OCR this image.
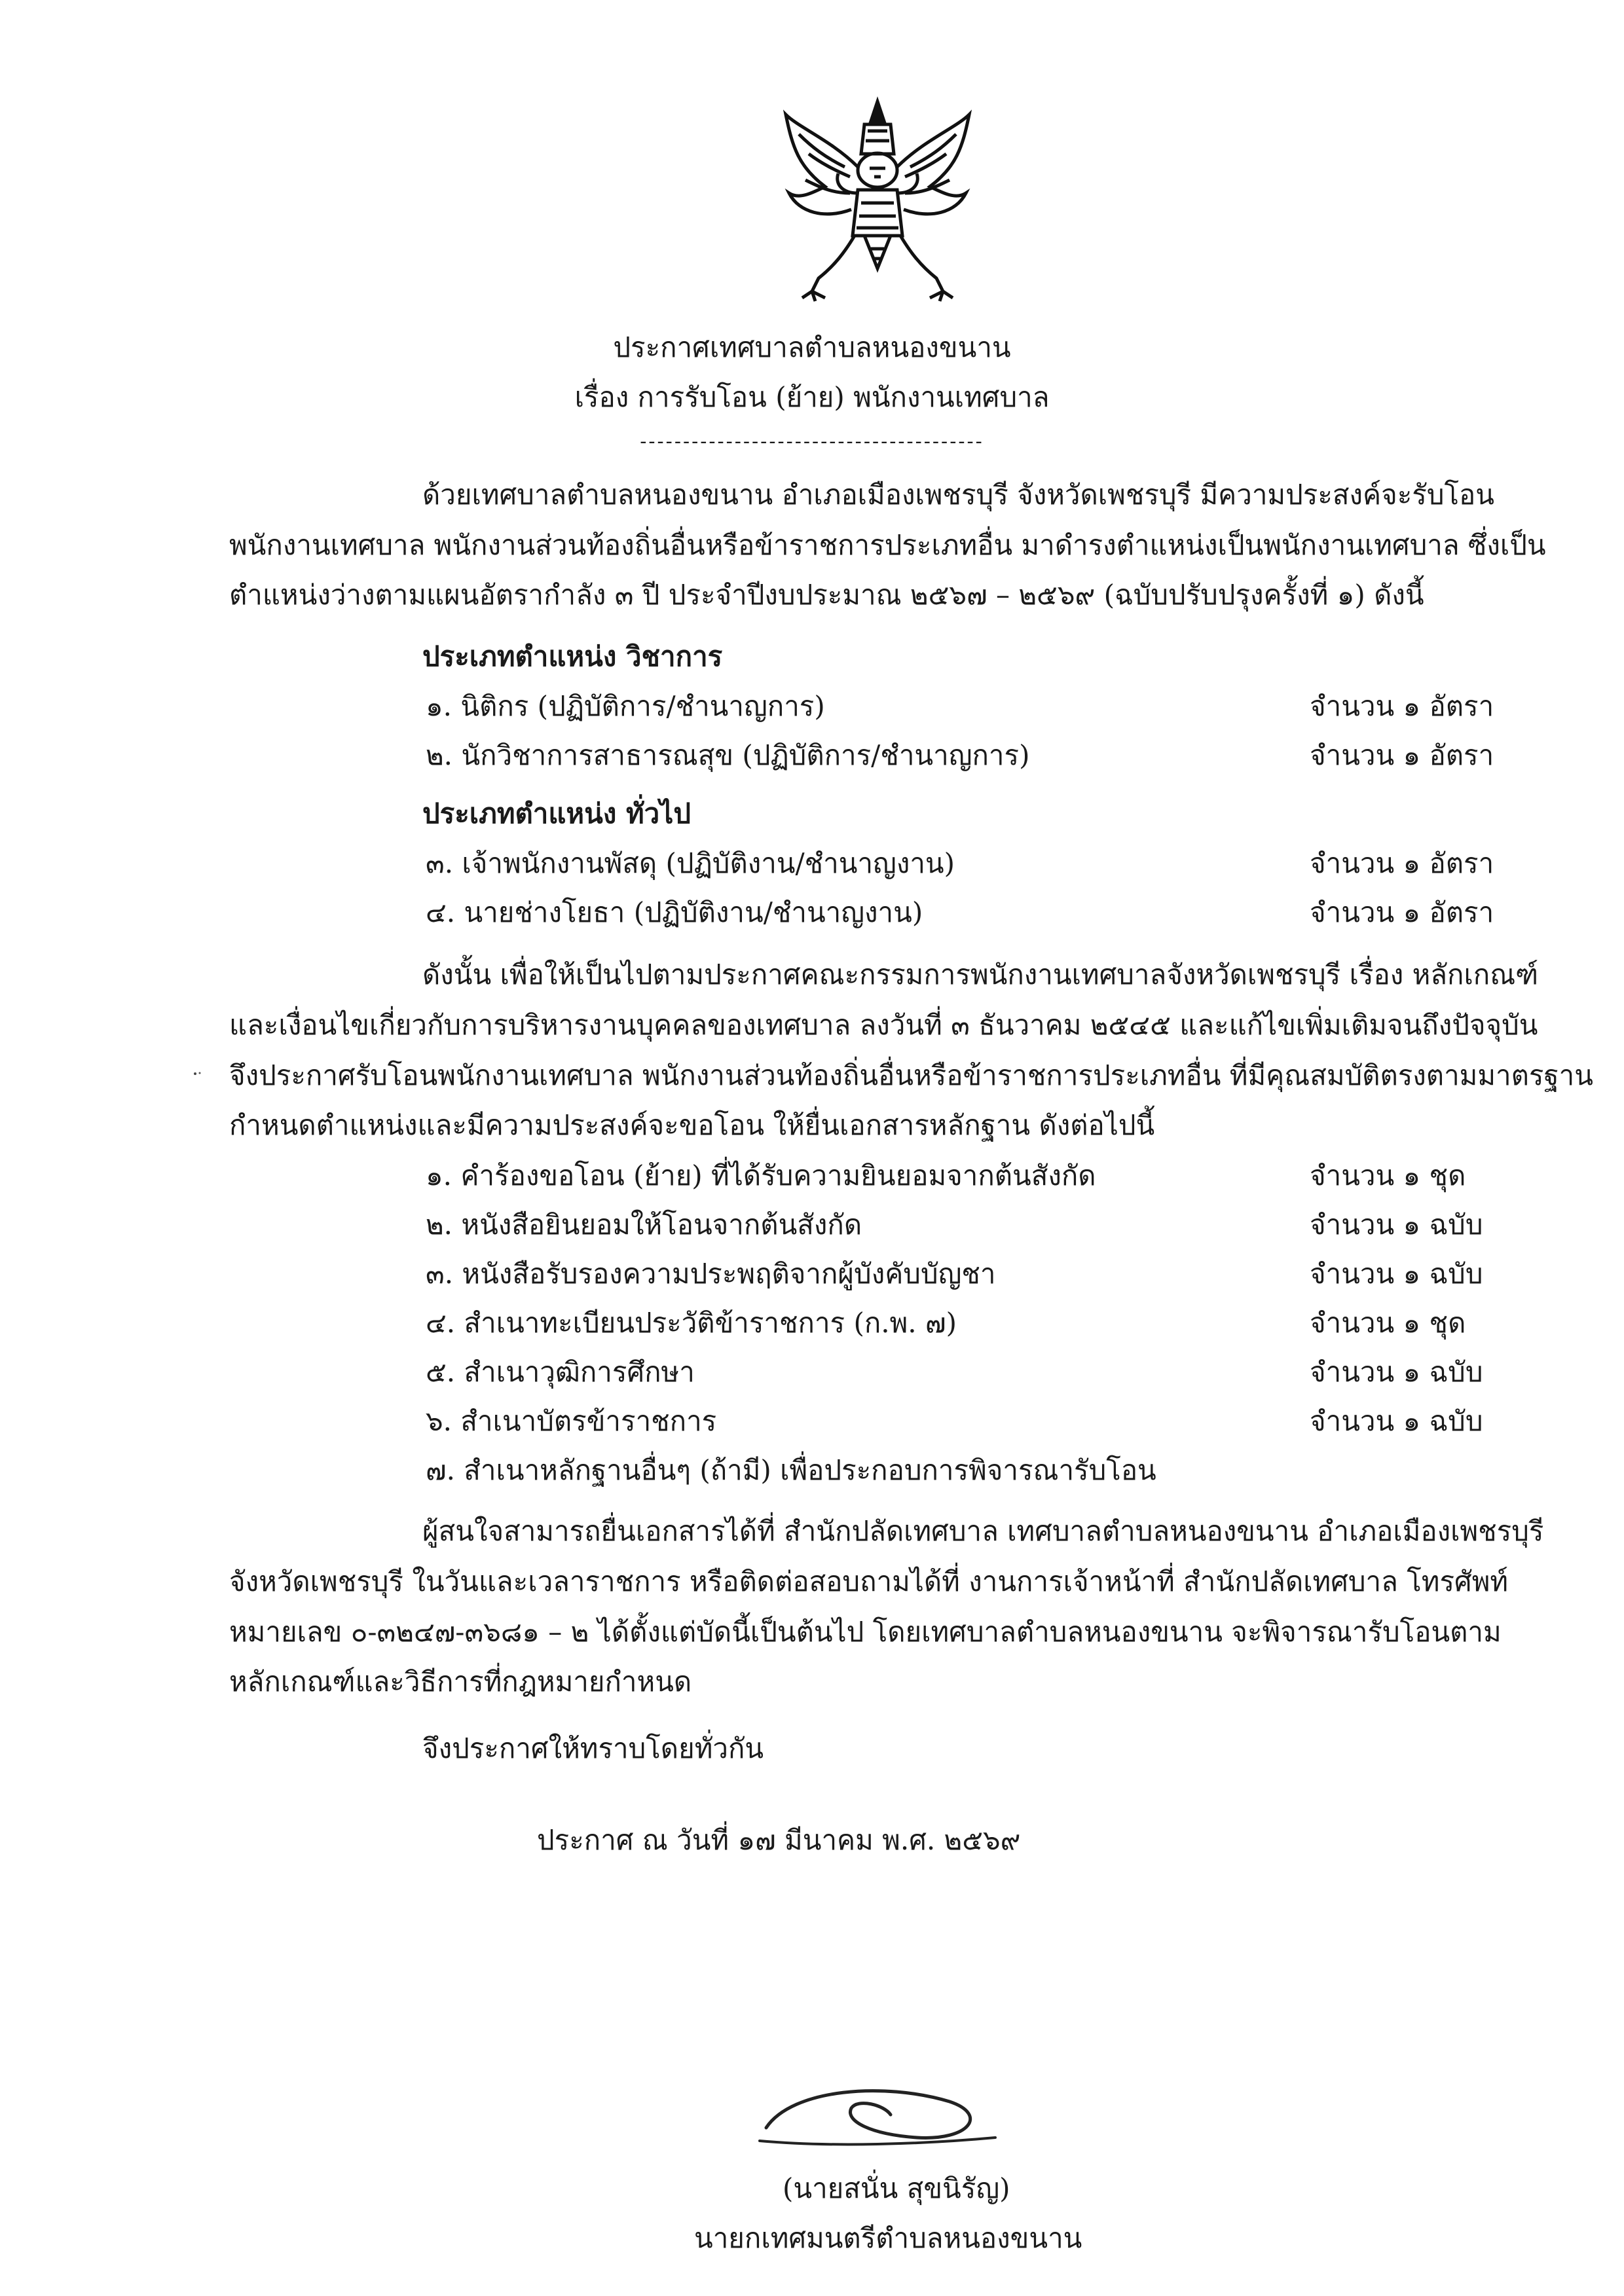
ประกาศเทศบาลตำบลหนองขนาน

เรื่อง การรับโอน (ย้าย) พนักงานเทศบาล

----------------------------------------

ด้วยเทศบาลตำบลหนองขนาน อำเภอเมืองเพชรบุรี จังหวัดเพชรบุรี มีความประสงค์จะรับโอน

พนักงานเทศบาล พนักงานส่วนท้องถิ่นอื่นหรือข้าราชการประเภทอื่น มาดำรงตำแหน่งเป็นพนักงานเทศบาล ซึ่งเป็น

ตำแหน่งว่างตามแผนอัตรากำลัง ๓ ปี ประจำปีงบประมาณ ๒๕๖๗ – ๒๕๖๙ (ฉบับปรับปรุงครั้งที่ ๑) ดังนี้

ประเภทตำแหน่ง วิชาการ

๑. นิติกร (ปฏิบัติการ/ชำนาญการ)	จำนวน ๑ อัตรา

๒. นักวิชาการสาธารณสุข (ปฏิบัติการ/ชำนาญการ)	จำนวน ๑ อัตรา

ประเภทตำแหน่ง ทั่วไป

๓. เจ้าพนักงานพัสดุ (ปฏิบัติงาน/ชำนาญงาน)	จำนวน ๑ อัตรา

๔. นายช่างโยธา (ปฏิบัติงาน/ชำนาญงาน)	จำนวน ๑ อัตรา

ดังนั้น เพื่อให้เป็นไปตามประกาศคณะกรรมการพนักงานเทศบาลจังหวัดเพชรบุรี เรื่อง หลักเกณฑ์

และเงื่อนไขเกี่ยวกับการบริหารงานบุคคลของเทศบาล ลงวันที่ ๓ ธันวาคม ๒๕๔๕ และแก้ไขเพิ่มเติมจนถึงปัจจุบัน

จึงประกาศรับโอนพนักงานเทศบาล พนักงานส่วนท้องถิ่นอื่นหรือข้าราชการประเภทอื่น ที่มีคุณสมบัติตรงตามมาตรฐาน

กำหนดตำแหน่งและมีความประสงค์จะขอโอน ให้ยื่นเอกสารหลักฐาน ดังต่อไปนี้

๑. คำร้องขอโอน (ย้าย) ที่ได้รับความยินยอมจากต้นสังกัด	จำนวน ๑ ชุด

๒. หนังสือยินยอมให้โอนจากต้นสังกัด	จำนวน ๑ ฉบับ

๓. หนังสือรับรองความประพฤติจากผู้บังคับบัญชา	จำนวน ๑ ฉบับ

๔. สำเนาทะเบียนประวัติข้าราชการ (ก.พ. ๗)	จำนวน ๑ ชุด

๕. สำเนาวุฒิการศึกษา	จำนวน ๑ ฉบับ

๖. สำเนาบัตรข้าราชการ	จำนวน ๑ ฉบับ

๗. สำเนาหลักฐานอื่นๆ (ถ้ามี) เพื่อประกอบการพิจารณารับโอน

ผู้สนใจสามารถยื่นเอกสารได้ที่ สำนักปลัดเทศบาล เทศบาลตำบลหนองขนาน อำเภอเมืองเพชรบุรี

จังหวัดเพชรบุรี ในวันและเวลาราชการ หรือติดต่อสอบถามได้ที่ งานการเจ้าหน้าที่ สำนักปลัดเทศบาล โทรศัพท์

หมายเลข ๐-๓๒๔๗-๓๖๘๑ – ๒ ได้ตั้งแต่บัดนี้เป็นต้นไป โดยเทศบาลตำบลหนองขนาน จะพิจารณารับโอนตาม

หลักเกณฑ์และวิธีการที่กฎหมายกำหนด

จึงประกาศให้ทราบโดยทั่วกัน

ประกาศ ณ วันที่ ๑๗ มีนาคม พ.ศ. ๒๕๖๙

(นายสนั่น สุขนิรัญ)

นายกเทศมนตรีตำบลหนองขนาน
